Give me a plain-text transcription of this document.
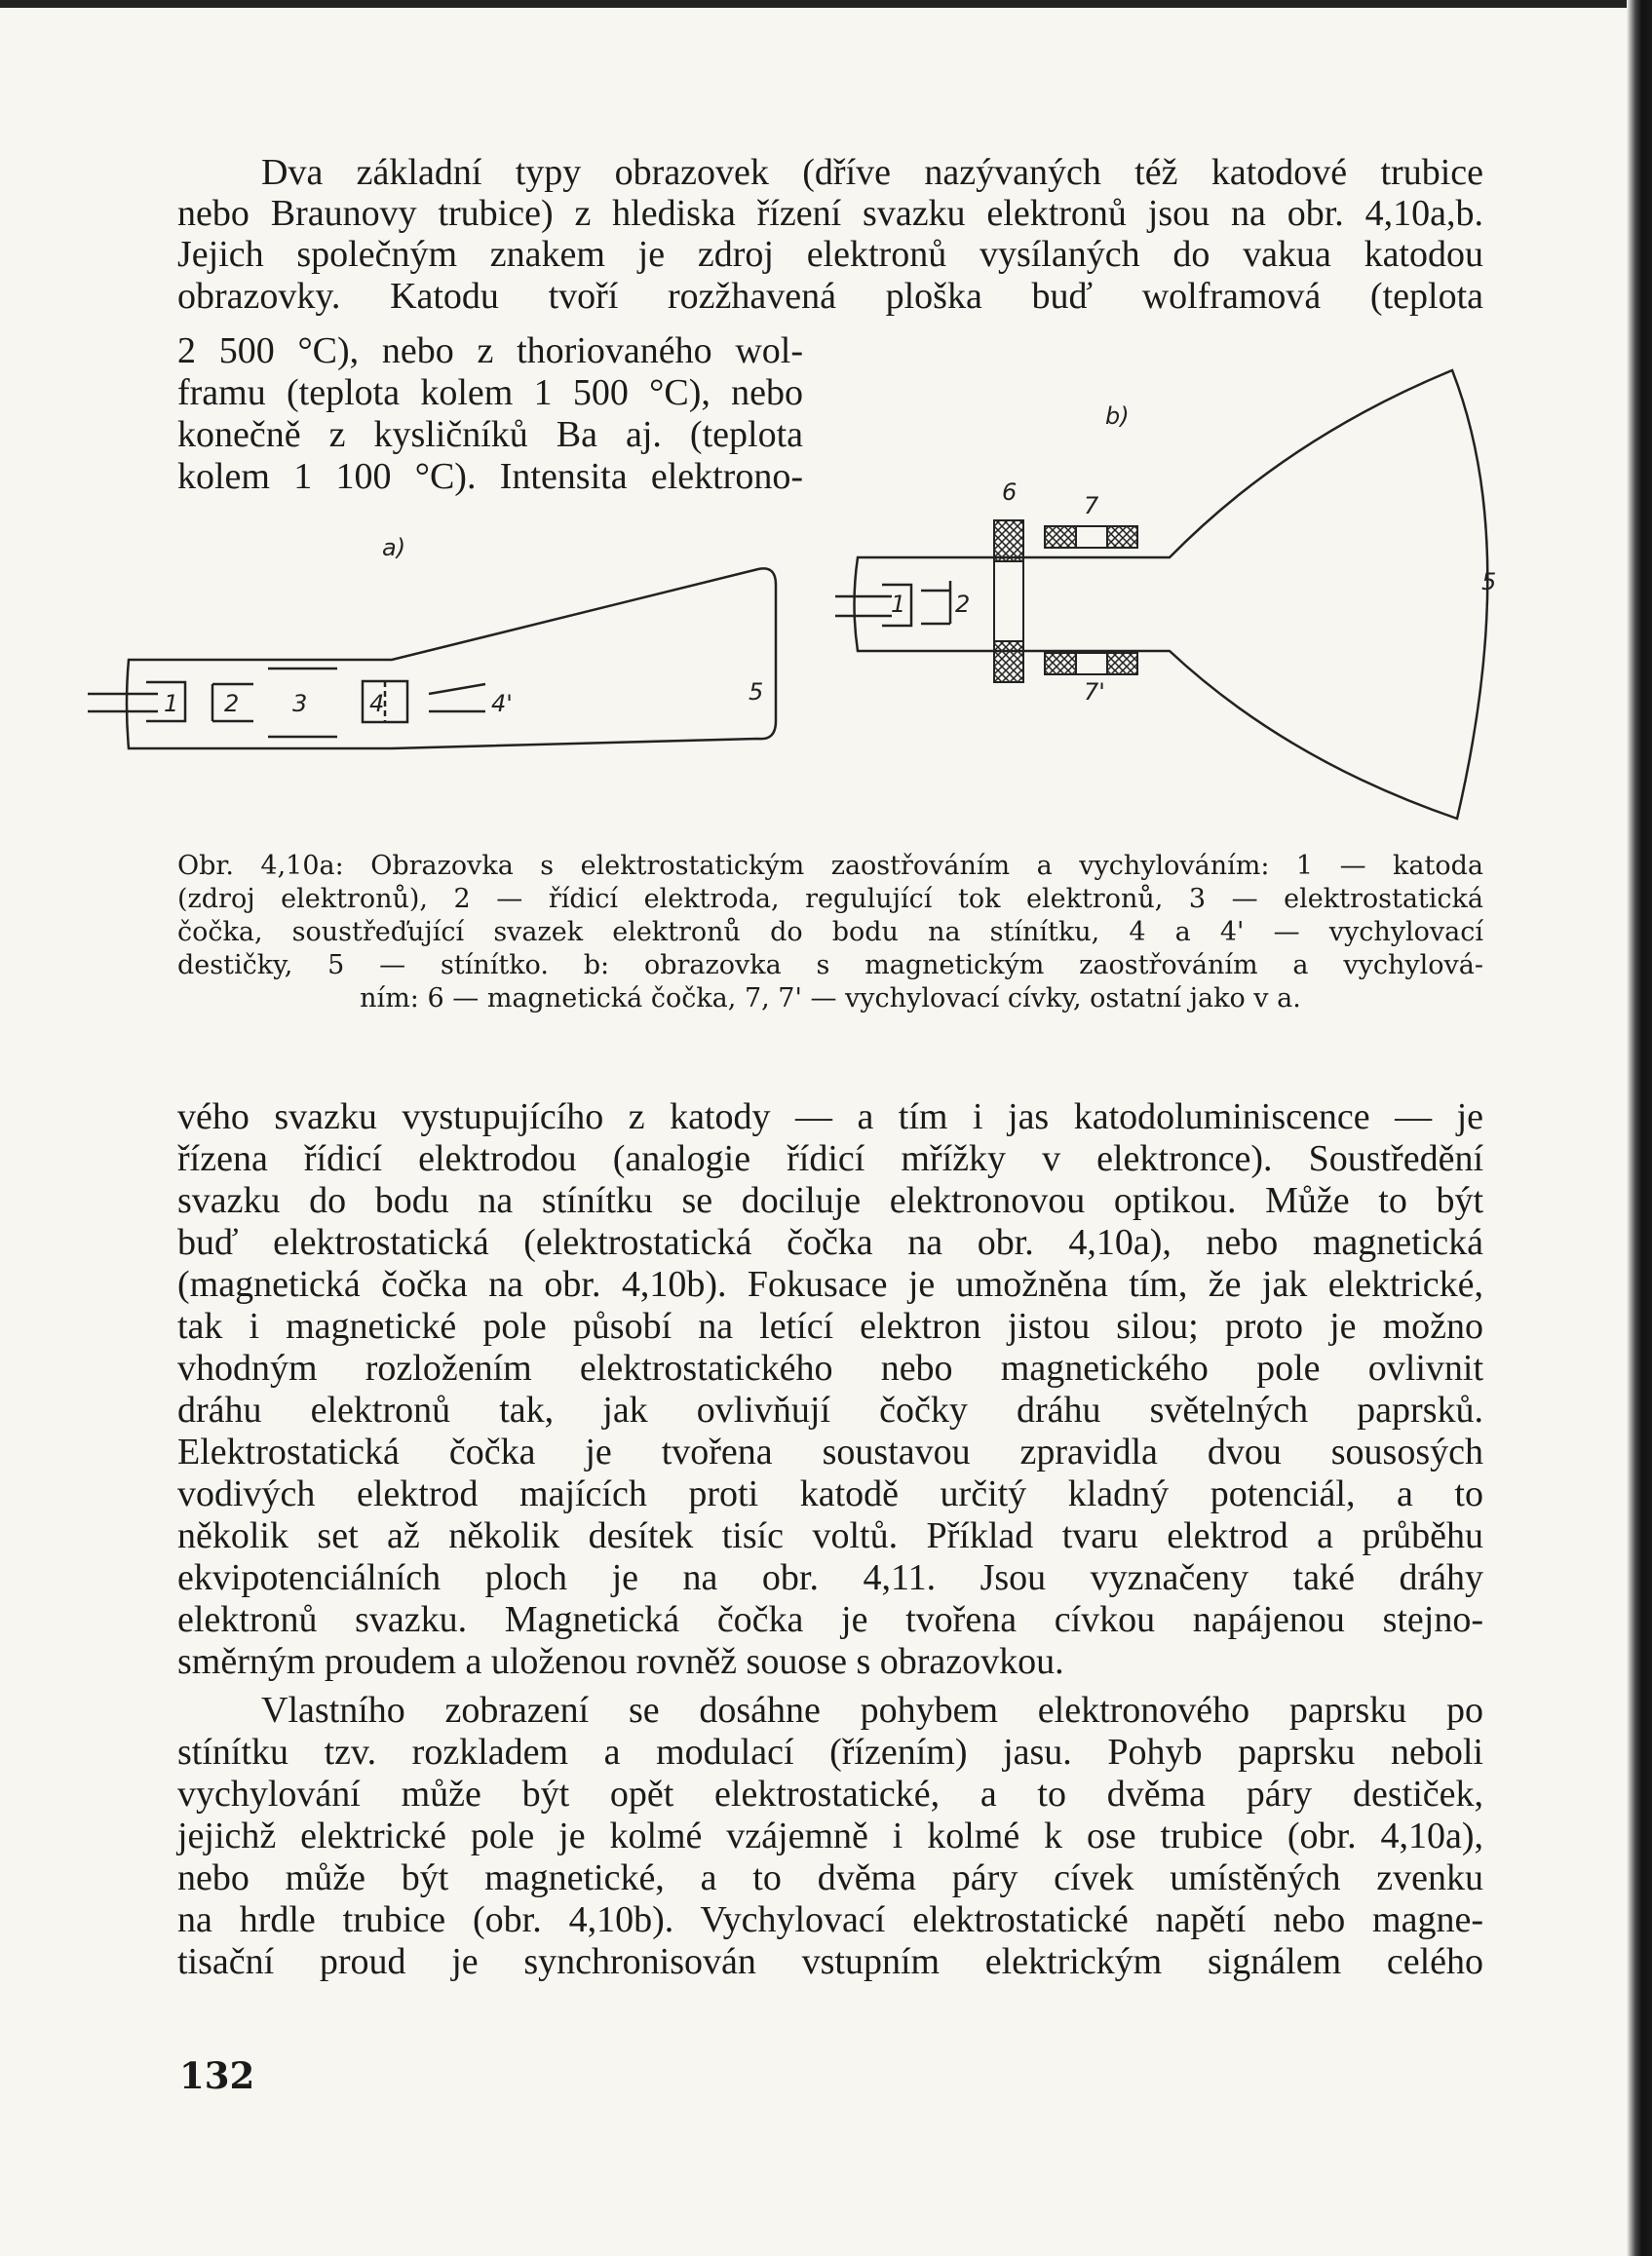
Dva základní typy obrazovek (dříve nazývaných též katodové trubice
nebo Braunovy trubice) z hlediska řízení svazku elektronů jsou na obr. 4,10a,b.
Jejich společným znakem je zdroj elektronů vysílaných do vakua katodou
obrazovky. Katodu tvoří rozžhavená ploška buď wolframová (teplota
2 500 °C), nebo z thoriovaného wol-
framu (teplota kolem 1 500 °C), nebo
konečně z kysličníků Ba aj. (teplota
kolem 1 100 °C). Intensita elektrono-
a)
1 2 3	4	4'	5
b)
1 2
5
6	7
7'
Obr. 4,10a: Obrazovka s elektrostatickým zaostřováním a vychylováním: 1 — katoda
(zdroj elektronů), 2 — řídicí elektroda, regulující tok elektronů, 3 — elektrostatická
čočka, soustřeďující svazek elektronů do bodu na stínítku, 4 a 4' — vychylovací
destičky, 5 — stínítko. b: obrazovka s magnetickým zaostřováním a vychylová-
ním: 6 — magnetická čočka, 7, 7' — vychylovací cívky, ostatní jako v a.
vého svazku vystupujícího z katody — a tím i jas katodoluminiscence — je
řízena řídicí elektrodou (analogie řídicí mřížky v elektronce). Soustředění
svazku do bodu na stínítku se dociluje elektronovou optikou. Může to být
buď elektrostatická (elektrostatická čočka na obr. 4,10a), nebo magnetická
(magnetická čočka na obr. 4,10b). Fokusace je umožněna tím, že jak elektrické,
tak i magnetické pole působí na letící elektron jistou silou; proto je možno
vhodným rozložením elektrostatického nebo magnetického pole ovlivnit
dráhu elektronů tak, jak ovlivňují čočky dráhu světelných paprsků.
Elektrostatická čočka je tvořena soustavou zpravidla dvou sousosých
vodivých elektrod majících proti katodě určitý kladný potenciál, a to
několik set až několik desítek tisíc voltů. Příklad tvaru elektrod a průběhu
ekvipotenciálních ploch je na obr. 4,11. Jsou vyznačeny také dráhy
elektronů svazku. Magnetická čočka je tvořena cívkou napájenou stejno-
směrným proudem a uloženou rovněž souose s obrazovkou.
Vlastního zobrazení se dosáhne pohybem elektronového paprsku po
stínítku tzv. rozkladem a modulací (řízením) jasu. Pohyb paprsku neboli
vychylování může být opět elektrostatické, a to dvěma páry destiček,
jejichž elektrické pole je kolmé vzájemně i kolmé k ose trubice (obr. 4,10a),
nebo může být magnetické, a to dvěma páry cívek umístěných zvenku
na hrdle trubice (obr. 4,10b). Vychylovací elektrostatické napětí nebo magne-
tisační proud je synchronisován vstupním elektrickým signálem celého
132
